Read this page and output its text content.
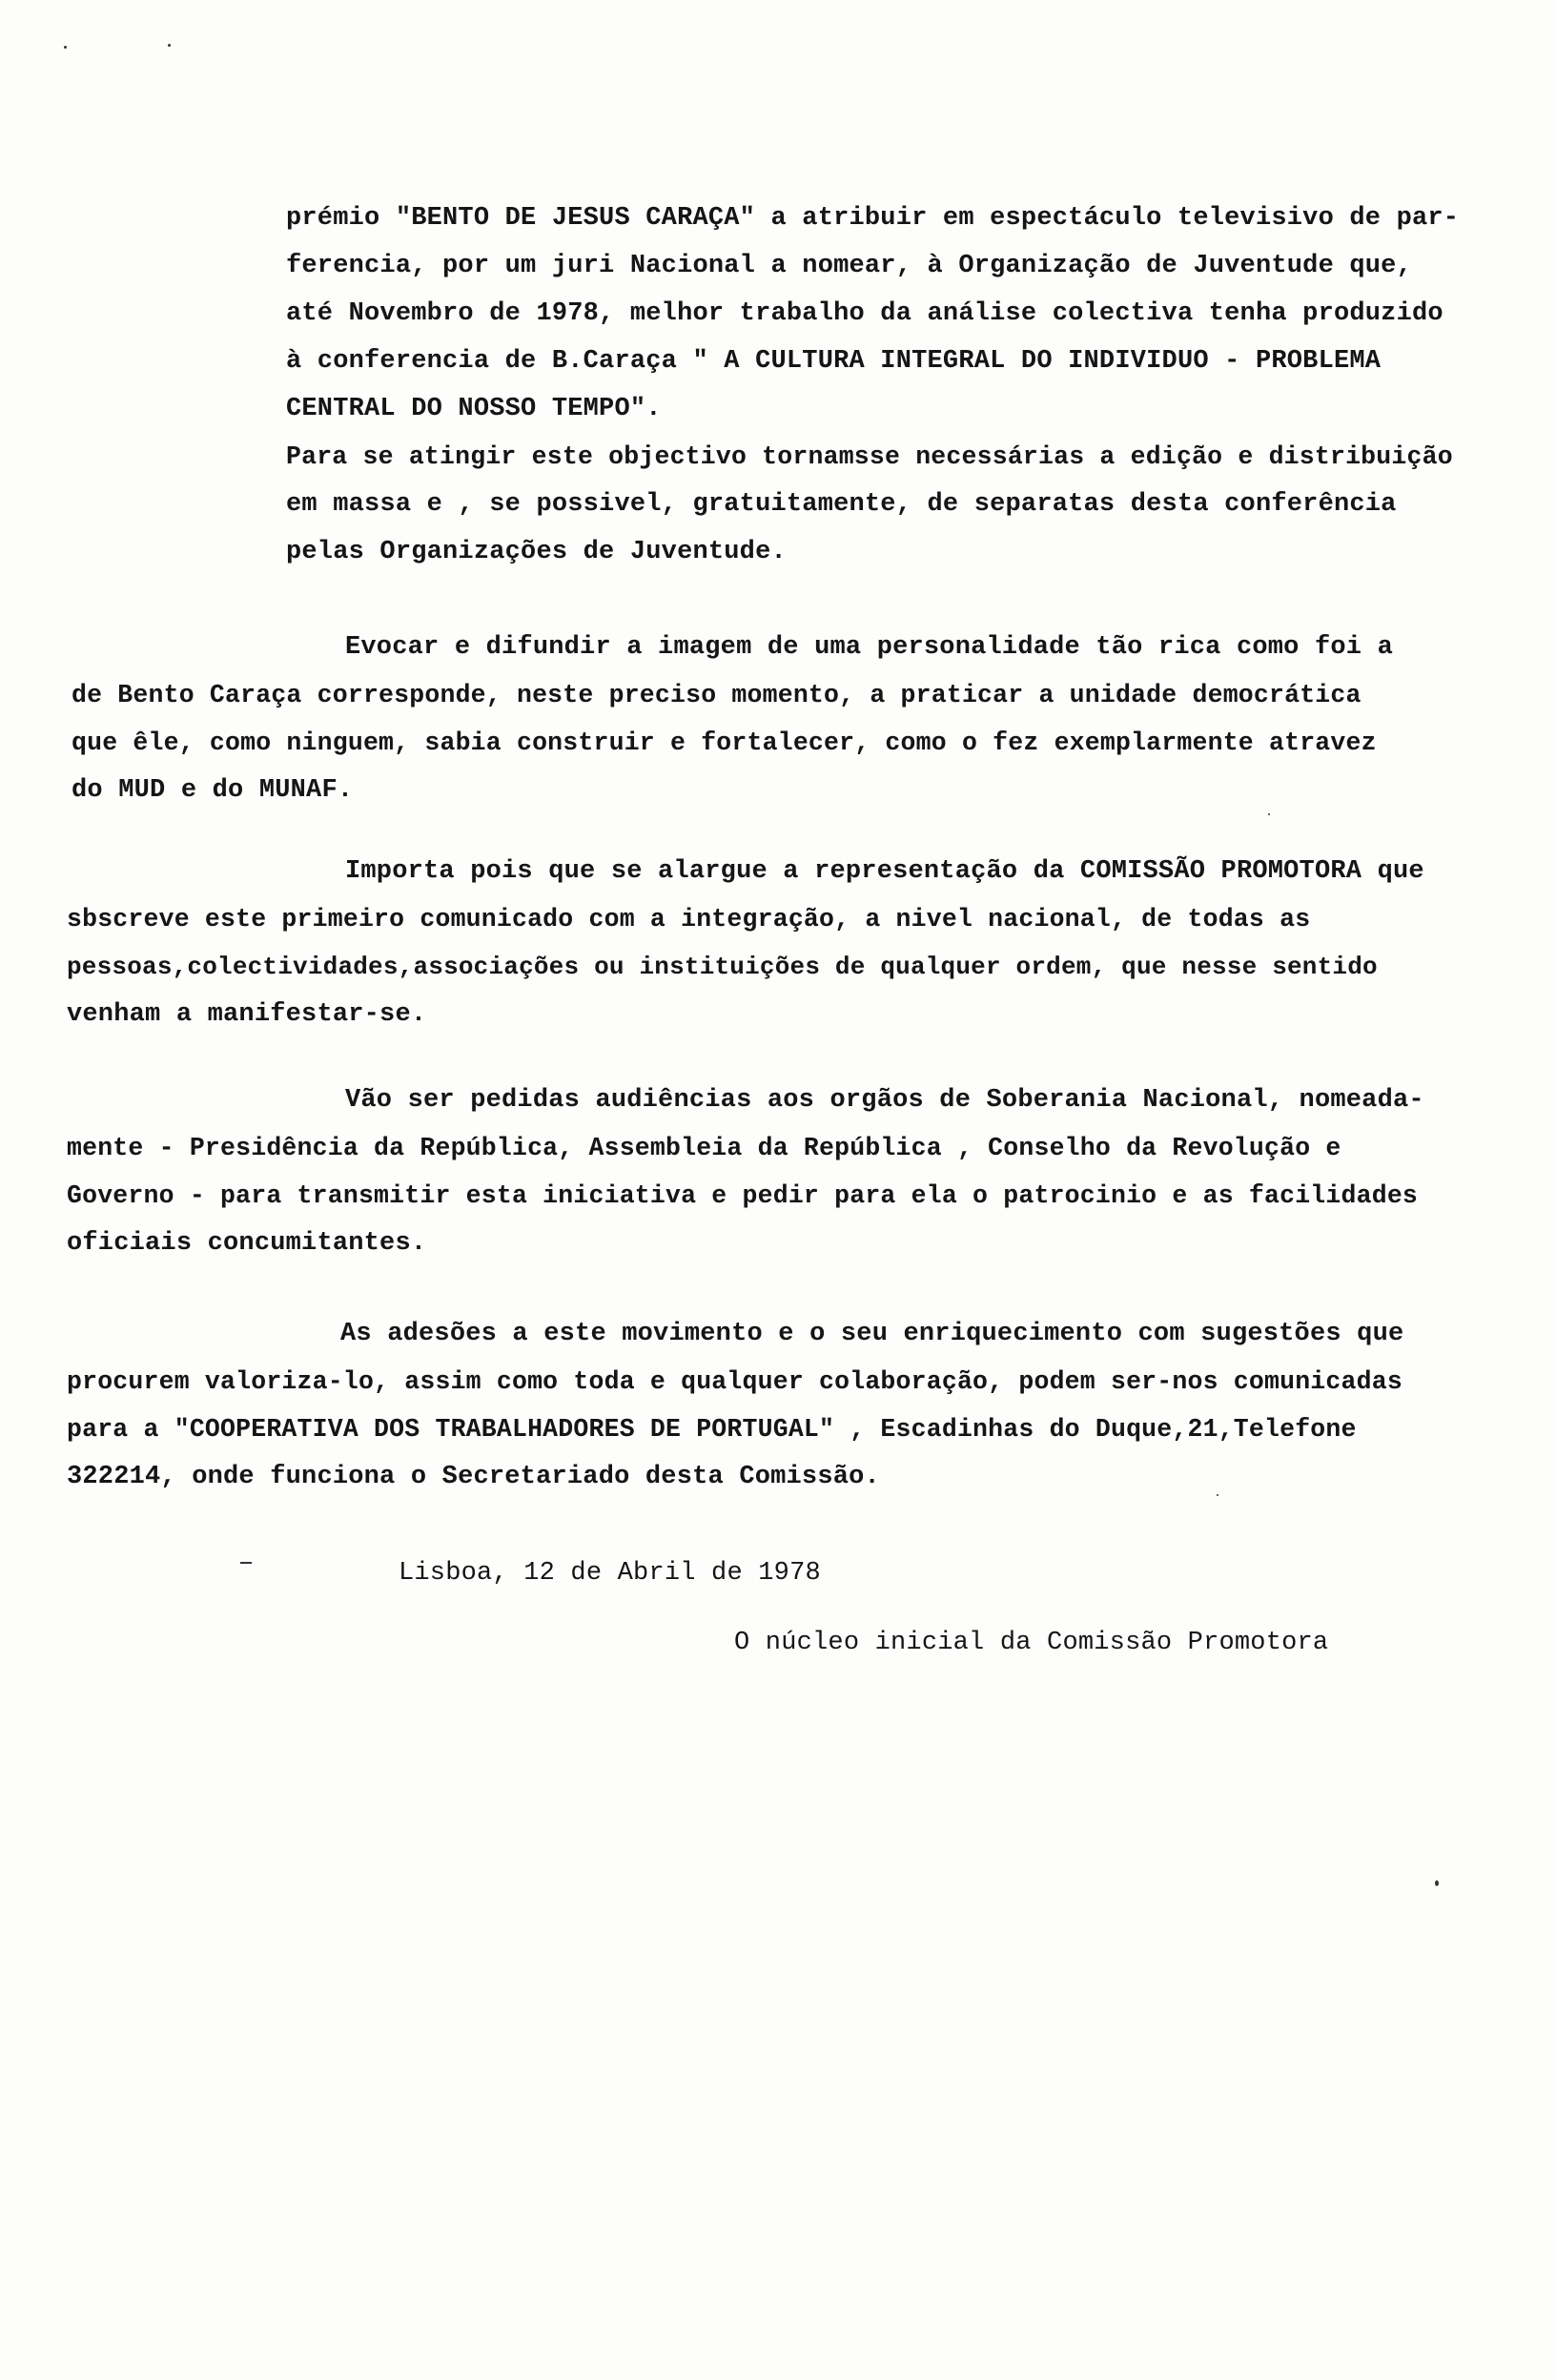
prémio "BENTO DE JESUS CARAÇA" a atribuir em espectáculo televisivo de par-
ferencia, por um juri Nacional a nomear, à Organização de Juventude que,
até Novembro de 1978, melhor trabalho da análise colectiva tenha produzido
à conferencia de B.Caraça " A CULTURA INTEGRAL DO INDIVIDUO - PROBLEMA
CENTRAL DO NOSSO TEMPO".
Para se atingir este objectivo tornamsse necessárias a edição e distribuição
em massa e , se possivel, gratuitamente, de separatas desta conferência
pelas Organizações de Juventude.
Evocar e difundir a imagem de uma personalidade tão rica como foi a
de Bento Caraça corresponde, neste preciso momento, a praticar a unidade democrática
que êle, como ninguem, sabia construir e fortalecer, como o fez exemplarmente atravez
do MUD e do MUNAF.
Importa pois que se alargue a representação da COMISSÃO PROMOTORA que
sbscreve este primeiro comunicado com a integração, a nivel nacional, de todas as
pessoas,colectividades,associações ou instituições de qualquer ordem, que nesse sentido
venham a manifestar-se.
Vão ser pedidas audiências aos orgãos de Soberania Nacional, nomeada-
mente - Presidência da República, Assembleia da República , Conselho da Revolução e
Governo - para transmitir esta iniciativa e pedir para ela o patrocinio e as facilidades
oficiais concumitantes.
As adesões a este movimento e o seu enriquecimento com sugestões que
procurem valoriza-lo, assim como toda e qualquer colaboração, podem ser-nos comunicadas
para a "COOPERATIVA DOS TRABALHADORES DE PORTUGAL" , Escadinhas do Duque,21,Telefone
322214, onde funciona o Secretariado desta Comissão.
Lisboa, 12 de Abril de 1978
O núcleo inicial da Comissão Promotora
